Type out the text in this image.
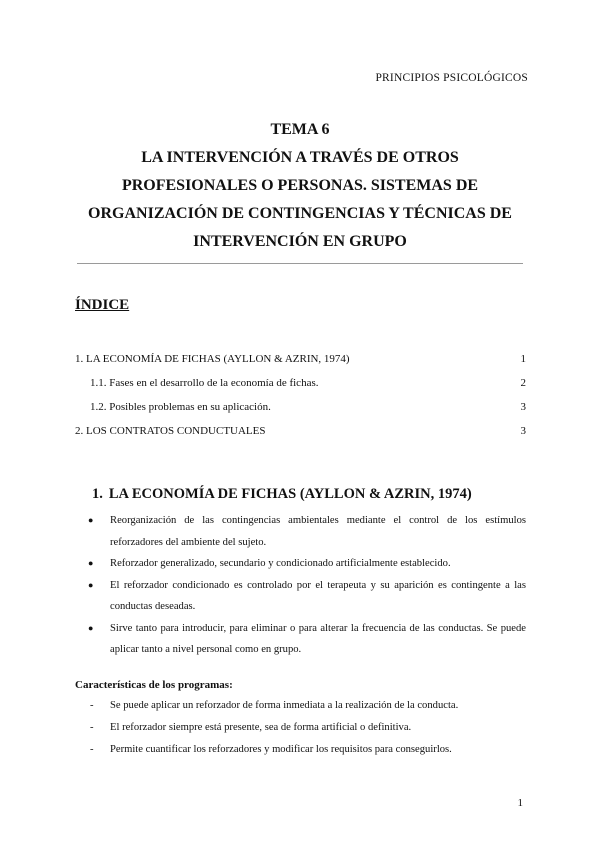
PRINCIPIOS PSICOLÓGICOS
TEMA 6
LA INTERVENCIÓN A TRAVÉS DE OTROS
PROFESIONALES O PERSONAS. SISTEMAS DE
ORGANIZACIÓN DE CONTINGENCIAS Y TÉCNICAS DE
INTERVENCIÓN EN GRUPO
ÍNDICE
1. LA ECONOMÍA DE FICHAS (AYLLON & AZRIN, 1974)	1
1.1. Fases en el desarrollo de la economía de fichas.	2
1.2. Posibles problemas en su aplicación.	3
2. LOS CONTRATOS CONDUCTUALES	3
1. LA ECONOMÍA DE FICHAS (AYLLON & AZRIN, 1974)
● Reorganización de las contingencias ambientales mediante el control de los estímulos reforzadores del ambiente del sujeto.
● Reforzador generalizado, secundario y condicionado artificialmente establecido.
● El reforzador condicionado es controlado por el terapeuta y su aparición es contingente a las conductas deseadas.
● Sirve tanto para introducir, para eliminar o para alterar la frecuencia de las conductas. Se puede aplicar tanto a nivel personal como en grupo.
Características de los programas:
- Se puede aplicar un reforzador de forma inmediata a la realización de la conducta.
- El reforzador siempre está presente, sea de forma artificial o definitiva.
- Permite cuantificar los reforzadores y modificar los requisitos para conseguirlos.
1
